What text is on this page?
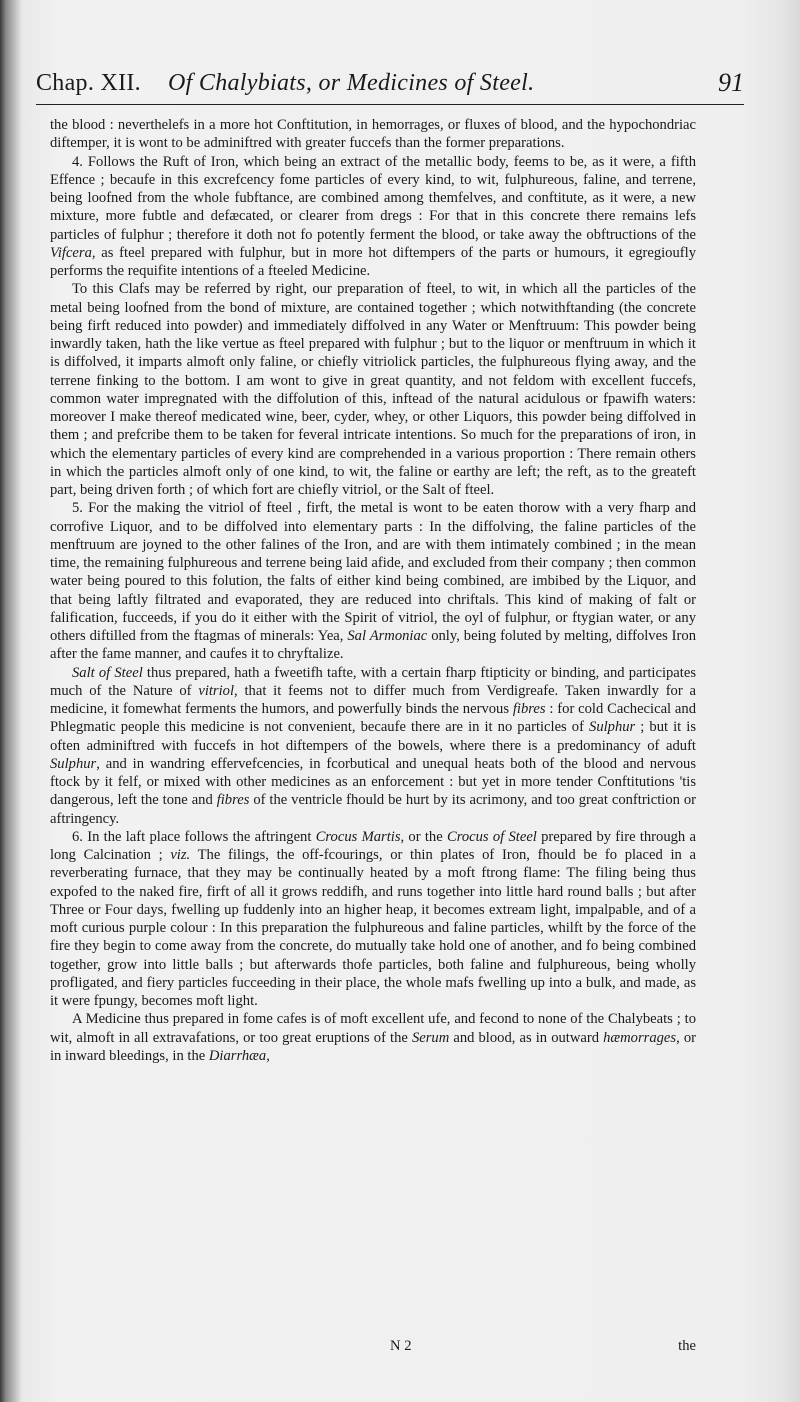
Chap. XII. Of Chalybiats, or Medicines of Steel.	91

the blood : neverthelefs in a more hot Conftitution, in hemorrages, or fluxes of blood, and the hypochondriac diftemper, it is wont to be adminiftred with greater fuccefs than the former preparations.

4. Follows the Ruft of Iron, which being an extract of the metallic body, feems to be, as it were, a fifth Effence ; becaufe in this excrefcency fome particles of every kind, to wit, fulphureous, faline, and terrene, being loofned from the whole fubftance, are combined among themfelves, and conftitute, as it were, a new mixture, more fubtle and defæcated, or clearer from dregs : For that in this concrete there remains lefs particles of fulphur ; therefore it doth not fo potently ferment the blood, or take away the obftructions of the Vifcera, as fteel prepared with fulphur, but in more hot diftempers of the parts or humours, it egregioufly performs the requifite intentions of a fteeled Medicine.

To this Clafs may be referred by right, our preparation of fteel, to wit, in which all the particles of the metal being loofned from the bond of mixture, are contained together ; which notwithftanding (the concrete being firft reduced into powder) and immediately diffolved in any Water or Menftruum: This powder being inwardly taken, hath the like vertue as fteel prepared with fulphur ; but to the liquor or menftruum in which it is diffolved, it imparts almoft only faline, or chiefly vitriolick particles, the fulphureous flying away, and the terrene finking to the bottom. I am wont to give in great quantity, and not feldom with excellent fuccefs, common water impregnated with the diffolution of this, inftead of the natural acidulous or fpawifh waters: moreover I make thereof medicated wine, beer, cyder, whey, or other Liquors, this powder being diffolved in them ; and prefcribe them to be taken for feveral intricate intentions. So much for the preparations of iron, in which the elementary particles of every kind are comprehended in a various proportion : There remain others in which the particles almoft only of one kind, to wit, the faline or earthy are left; the reft, as to the greateft part, being driven forth ; of which fort are chiefly vitriol, or the Salt of fteel.

5. For the making the vitriol of fteel , firft, the metal is wont to be eaten thorow with a very fharp and corrofive Liquor, and to be diffolved into elementary parts : In the diffolving, the faline particles of the menftruum are joyned to the other falines of the Iron, and are with them intimately combined ; in the mean time, the remaining fulphureous and terrene being laid afide, and excluded from their company ; then common water being poured to this folution, the falts of either kind being combined, are imbibed by the Liquor, and that being laftly filtrated and evaporated, they are reduced into chriftals. This kind of making of falt or falification, fucceeds, if you do it either with the Spirit of vitriol, the oyl of fulphur, or ftygian water, or any others diftilled from the ftagmas of minerals: Yea, Sal Armoniac only, being foluted by melting, diffolves Iron after the fame manner, and caufes it to chryftalize.

Salt of Steel thus prepared, hath a fweetifh tafte, with a certain fharp ftipticity or binding, and participates much of the Nature of vitriol, that it feems not to differ much from Verdigreafe. Taken inwardly for a medicine, it fomewhat ferments the humors, and powerfully binds the nervous fibres : for cold Cachecical and Phlegmatic people this medicine is not convenient, becaufe there are in it no particles of Sulphur ; but it is often adminiftred with fuccefs in hot diftempers of the bowels, where there is a predominancy of aduft Sulphur, and in wandring effervefcencies, in fcorbutical and unequal heats both of the blood and nervous ftock by it felf, or mixed with other medicines as an enforcement : but yet in more tender Conftitutions 'tis dangerous, left the tone and fibres of the ventricle fhould be hurt by its acrimony, and too great conftriction or aftringency.

6. In the laft place follows the aftringent Crocus Martis, or the Crocus of Steel prepared by fire through a long Calcination ; viz. The filings, the off-fcourings, or thin plates of Iron, fhould be fo placed in a reverberating furnace, that they may be continually heated by a moft ftrong flame: The filing being thus expofed to the naked fire, firft of all it grows reddifh, and runs together into little hard round balls ; but after Three or Four days, fwelling up fuddenly into an higher heap, it becomes extream light, impalpable, and of a moft curious purple colour : In this preparation the fulphureous and faline particles, whilft by the force of the fire they begin to come away from the concrete, do mutually take hold one of another, and fo being combined together, grow into little balls ; but afterwards thofe particles, both faline and fulphureous, being wholly profligated, and fiery particles fucceeding in their place, the whole mafs fwelling up into a bulk, and made, as it were fpungy, becomes moft light.

A Medicine thus prepared in fome cafes is of moft excellent ufe, and fecond to none of the Chalybeats ; to wit, almoft in all extravafations, or too great eruptions of the Serum and blood, as in outward hæmorrages, or in inward bleedings, in the Diarrhæa,

N 2	the
